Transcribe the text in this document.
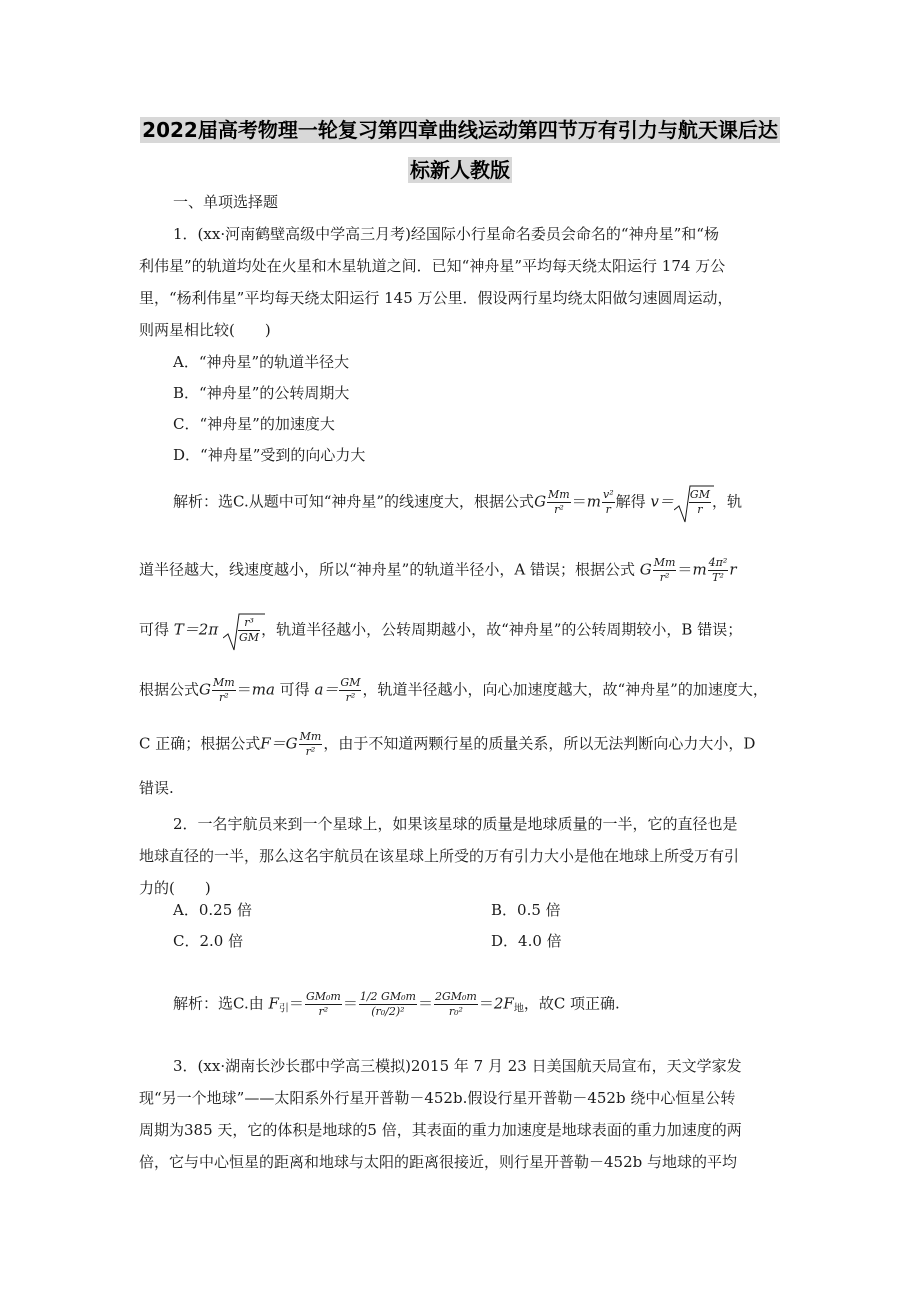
2022届高考物理一轮复习第四章曲线运动第四节万有引力与航天课后达
标新人教版
一、单项选择题
1．(xx·河南鹤壁高级中学高三月考)经国际小行星命名委员会命名的“神舟星”和“杨
利伟星”的轨道均处在火星和木星轨道之间．已知“神舟星”平均每天绕太阳运行 174 万公
里，“杨利伟星”平均每天绕太阳运行 145 万公里．假设两行星均绕太阳做匀速圆周运动，
则两星相比较(　　)
A．“神舟星”的轨道半径大
B．“神舟星”的公转周期大
C．“神舟星”的加速度大
D．“神舟星”受到的向心力大
解析：选C.从题中可知“神舟星”的线速度大，根据公式G $\frac{Mm}{\text{r²}} =m \frac{\text{v²}}{r}$ 解得 $v= \frac{GM}{r}$ ，轨
道半径越大，线速度越小，所以“神舟星”的轨道半径小，A 错误；根据公式 G $\frac{Mm}{\text{r²}} =m \frac{\text{4π²}}{\text{T²}}$ r
可得 $T=2\pi \frac{\text{r³}}{GM}$ ，轨道半径越小，公转周期越小，故“神舟星”的公转周期较小，B 错误；
根据公式G $\frac{Mm}{\text{r²}} =ma$ 可得 $a= \frac{GM}{\text{r²}}$ ，轨道半径越小，向心加速度越大，故“神舟星”的加速度大，
C 正确；根据公式$F=G \frac{Mm}{\text{r²}}$ ，由于不知道两颗行星的质量关系，所以无法判断向心力大小，D
错误.
2．一名宇航员来到一个星球上，如果该星球的质量是地球质量的一半，它的直径也是
地球直径的一半，那么这名宇航员在该星球上所受的万有引力大小是他在地球上所受万有引
力的(　　)
A．0.25 倍	B．0.5 倍
C．2.0 倍	D．4.0 倍
解析：选C.由 $F_引= \frac{\text{GM₀m}}{\text{r²}} = \frac{\text{1/2 GM₀m}}{\text{(r₀/2)²}} = \frac{\text{2GM₀m}}{\text{r₀²}} =2F_地$，故C 项正确.
3．(xx·湖南长沙长郡中学高三模拟)2015 年 7 月 23 日美国航天局宣布，天文学家发
现“另一个地球”——太阳系外行星开普勒－452b.假设行星开普勒－452b 绕中心恒星公转
周期为385 天，它的体积是地球的5 倍，其表面的重力加速度是地球表面的重力加速度的两
倍，它与中心恒星的距离和地球与太阳的距离很接近，则行星开普勒－452b 与地球的平均
